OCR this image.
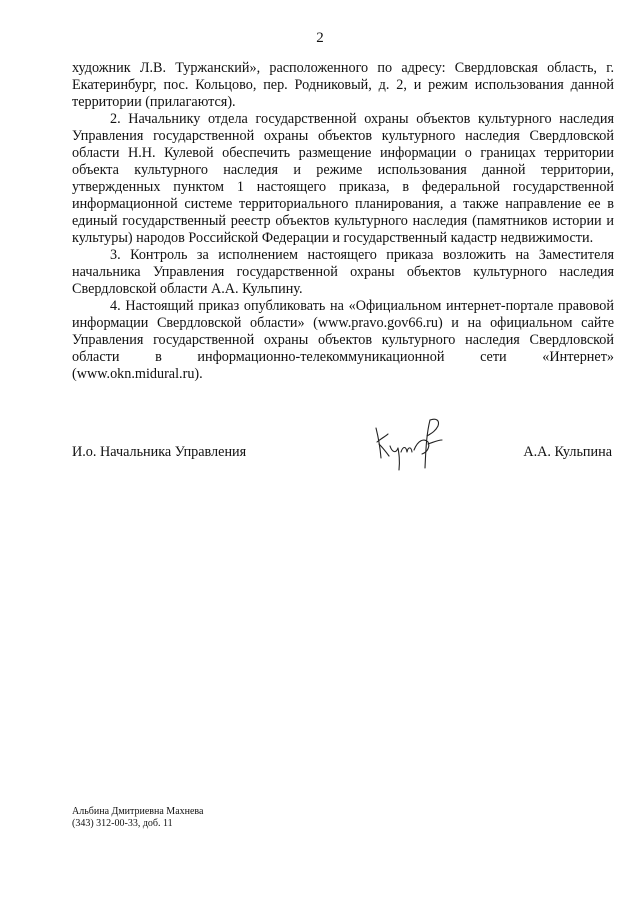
2

художник Л.В. Туржанский», расположенного по адресу: Свердловская область, г. Екатеринбург, пос. Кольцово, пер. Родниковый, д. 2, и режим использования данной территории (прилагаются).

2. Начальнику отдела государственной охраны объектов культурного наследия Управления государственной охраны объектов культурного наследия Свердловской области Н.Н. Кулевой обеспечить размещение информации о границах территории объекта культурного наследия и режиме использования данной территории, утвержденных пунктом 1 настоящего приказа, в федеральной государственной информационной системе территориального планирования, а также направление ее в единый государственный реестр объектов культурного наследия (памятников истории и культуры) народов Российской Федерации и государственный кадастр недвижимости.

3. Контроль за исполнением настоящего приказа возложить на Заместителя начальника Управления государственной охраны объектов культурного наследия Свердловской области А.А. Кульпину.

4. Настоящий приказ опубликовать на «Официальном интернет-портале правовой информации Свердловской области» (www.pravo.gov66.ru) и на официальном сайте Управления государственной охраны объектов культурного наследия Свердловской области в информационно-телекоммуникационной сети «Интернет» (www.okn.midural.ru).

И.о. Начальника Управления	А.А. Кульпина
Альбина Дмитриевна Махнева
(343) 312-00-33, доб. 11
